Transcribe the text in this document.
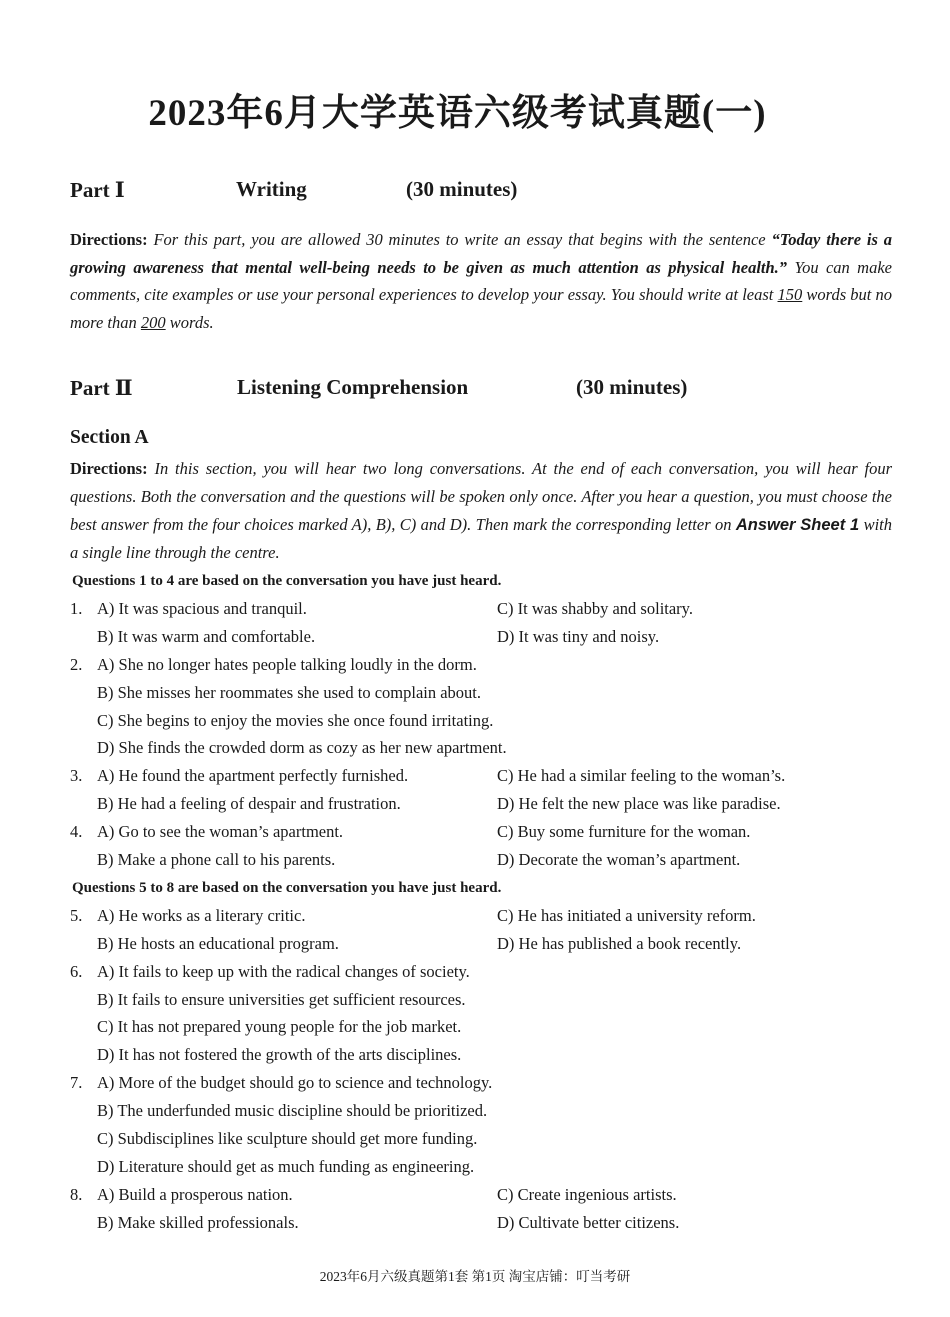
2023年6月大学英语六级考试真题(一)
Part Ⅰ	Writing	(30 minutes)
Directions: For this part, you are allowed 30 minutes to write an essay that begins with the sentence “Today there is a growing awareness that mental well-being needs to be given as much attention as physical health.” You can make comments, cite examples or use your personal experiences to develop your essay. You should write at least 150 words but no more than 200 words.
Part Ⅱ	Listening Comprehension	(30 minutes)
Section A
Directions: In this section, you will hear two long conversations. At the end of each conversation, you will hear four questions. Both the conversation and the questions will be spoken only once. After you hear a question, you must choose the best answer from the four choices marked A), B), C) and D). Then mark the corresponding letter on Answer Sheet 1 with a single line through the centre.
Questions 1 to 4 are based on the conversation you have just heard.
1. A) It was spacious and tranquil.	C) It was shabby and solitary.
B) It was warm and comfortable.	D) It was tiny and noisy.
2. A) She no longer hates people talking loudly in the dorm.
B) She misses her roommates she used to complain about.
C) She begins to enjoy the movies she once found irritating.
D) She finds the crowded dorm as cozy as her new apartment.
3. A) He found the apartment perfectly furnished.	C) He had a similar feeling to the woman’s.
B) He had a feeling of despair and frustration.	D) He felt the new place was like paradise.
4. A) Go to see the woman’s apartment.	C) Buy some furniture for the woman.
B) Make a phone call to his parents.	D) Decorate the woman’s apartment.
Questions 5 to 8 are based on the conversation you have just heard.
5. A) He works as a literary critic.	C) He has initiated a university reform.
B) He hosts an educational program.	D) He has published a book recently.
6. A) It fails to keep up with the radical changes of society.
B) It fails to ensure universities get sufficient resources.
C) It has not prepared young people for the job market.
D) It has not fostered the growth of the arts disciplines.
7. A) More of the budget should go to science and technology.
B) The underfunded music discipline should be prioritized.
C) Subdisciplines like sculpture should get more funding.
D) Literature should get as much funding as engineering.
8. A) Build a prosperous nation.	C) Create ingenious artists.
B) Make skilled professionals.	D) Cultivate better citizens.
2023年6月六级真题第1套 第1页 淘宝店铺：叮当考研
